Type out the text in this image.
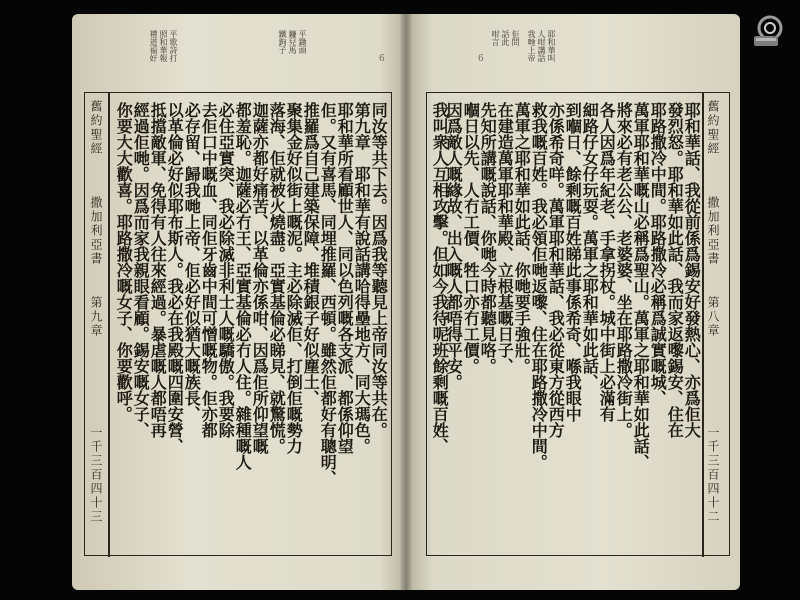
平歌詩打
照和華報
禮道福好	平鋤頭
鐮兒馬
鐵鉤子
6
舊約聖經
撒加利亞書
第九章
一千三百四十三
同汝等共下去。因爲我等聽見上帝同汝等共在。
第九章　耶和華有說話講哈得壘地方、同大瑪色。
耶和華所看顧世人、同以色列嘅各支派、都係仰望
佢。又有喜馬、同埋推羅、西頓。雖然佢都好有聰明、
推羅爲自己建築保障、堆積銀子好似塵土、
聚集金好似街上嘅泥。主必除滅佢、打倒佢嘅勢力
落海、佢就被火燒盡。亞實基倫必睇見、就驚慌。
迦薩亦都好痛苦、以革倫亦係咁、因爲佢所仰望嘅
都羞恥。迦薩必冇王、亞實基倫必冇人住。雜種嘅人
必住亞實突、我必除滅非利士人嘅驕傲。我要除
去佢口中嘅血、同佢牙齒中間可憎嘅物。佢亦都
必存留、歸我哋上帝、佢必好似猶大嘅族長、
以革倫必好似耶布斯人。我必在我殿嘅四圍安營、
抵擋敵軍、免得有人往來經過。暴虐嘅人都唔再
經過佢哋。因爲而家我親眼看顧。錫安嘅女子、
你要大大歡喜。耶路撒冷嘅女子、你要歡呼。
佢問
話此
咁言	耶和華叫
人咁講話
我哋上帝
6
舊約聖經
撒加利亞書
第八章
一千三百四十二
耶和華話、我從前係爲錫安好發熱心、亦爲佢大
發烈怒。耶和華如此話、我而家返嚟錫安、住在
耶路撒冷中間。耶路撒冷必稱爲誠實嘅城、
萬軍耶和華嘅山必稱爲聖山。萬軍之耶和華如此話、
將來必有老公公、老婆婆、坐在耶路撒冷街上。
各人因爲年紀老、手拿拐杖。城中街上必滿有
細路仔女仔玩耍。萬軍之耶和華如此話、
到嗰日、餘剩嘅百姓睇此事係希奇、喺我眼中
亦係希奇咩。萬軍耶和華話、我必從東方從西方
救我嘅百姓。我必領佢哋返嚟、住在耶路撒冷中間。
萬軍之耶和華如此話、你哋要手強壯。
在建造萬軍耶和華殿、立根基嘅日子、
先知所講嘅說話、你哋今時都聽見咯。
嗰日以先、人冇工價、牲口亦冇工價。
因爲敵人嘅緣故、出入嘅人都唔得平安。
我叫衆人互相攻擊。但如今我待呢班餘剩嘅百姓、
